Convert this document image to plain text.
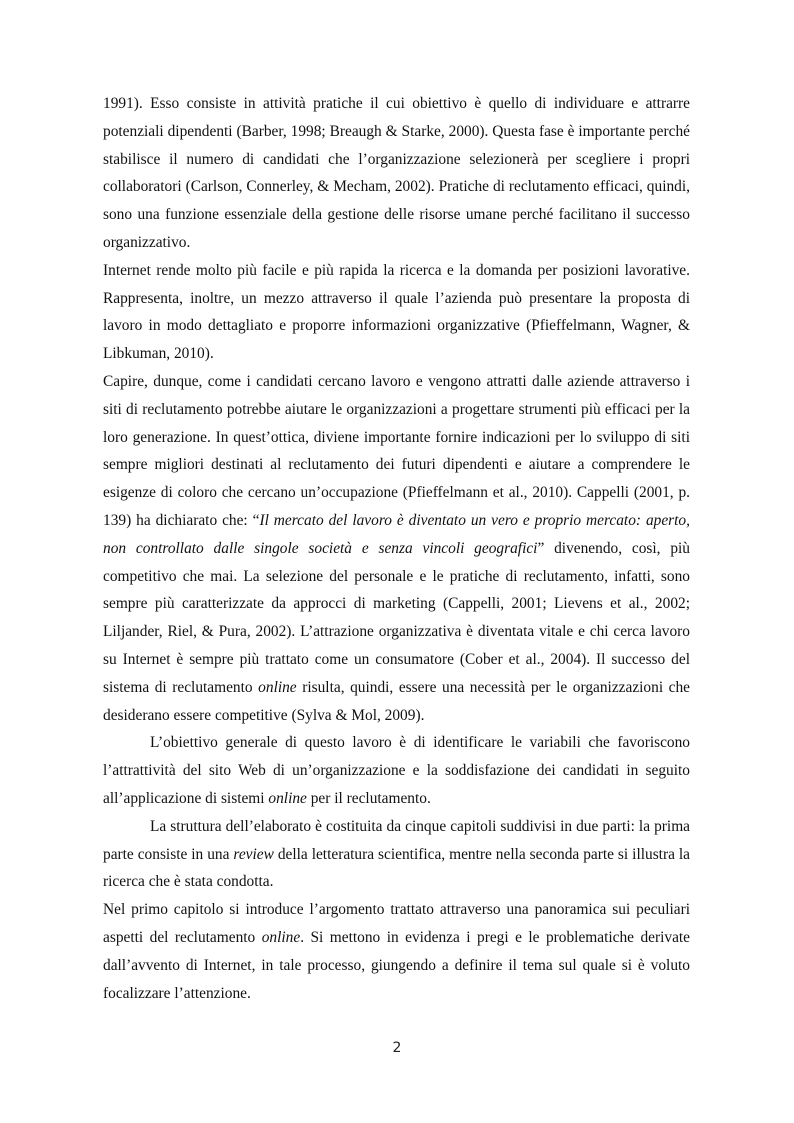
1991). Esso consiste in attività pratiche il cui obiettivo è quello di individuare e attrarre potenziali dipendenti (Barber, 1998; Breaugh & Starke, 2000). Questa fase è importante perché stabilisce il numero di candidati che l’organizzazione selezionerà per scegliere i propri collaboratori (Carlson, Connerley, & Mecham, 2002). Pratiche di reclutamento efficaci, quindi, sono una funzione essenziale della gestione delle risorse umane perché facilitano il successo organizzativo.

Internet rende molto più facile e più rapida la ricerca e la domanda per posizioni lavorative. Rappresenta, inoltre, un mezzo attraverso il quale l’azienda può presentare la proposta di lavoro in modo dettagliato e proporre informazioni organizzative (Pfieffelmann, Wagner, & Libkuman, 2010).

Capire, dunque, come i candidati cercano lavoro e vengono attratti dalle aziende attraverso i siti di reclutamento potrebbe aiutare le organizzazioni a progettare strumenti più efficaci per la loro generazione. In quest’ottica, diviene importante fornire indicazioni per lo sviluppo di siti sempre migliori destinati al reclutamento dei futuri dipendenti e aiutare a comprendere le esigenze di coloro che cercano un’occupazione (Pfieffelmann et al., 2010). Cappelli (2001, p. 139) ha dichiarato che: “Il mercato del lavoro è diventato un vero e proprio mercato: aperto, non controllato dalle singole società e senza vincoli geografici” divenendo, così, più competitivo che mai. La selezione del personale e le pratiche di reclutamento, infatti, sono sempre più caratterizzate da approcci di marketing (Cappelli, 2001; Lievens et al., 2002; Liljander, Riel, & Pura, 2002). L’attrazione organizzativa è diventata vitale e chi cerca lavoro su Internet è sempre più trattato come un consumatore (Cober et al., 2004). Il successo del sistema di reclutamento online risulta, quindi, essere una necessità per le organizzazioni che desiderano essere competitive (Sylva & Mol, 2009).

L’obiettivo generale di questo lavoro è di identificare le variabili che favoriscono l’attrattività del sito Web di un’organizzazione e la soddisfazione dei candidati in seguito all’applicazione di sistemi online per il reclutamento.

La struttura dell’elaborato è costituita da cinque capitoli suddivisi in due parti: la prima parte consiste in una review della letteratura scientifica, mentre nella seconda parte si illustra la ricerca che è stata condotta.

Nel primo capitolo si introduce l’argomento trattato attraverso una panoramica sui peculiari aspetti del reclutamento online. Si mettono in evidenza i pregi e le problematiche derivate dall’avvento di Internet, in tale processo, giungendo a definire il tema sul quale si è voluto focalizzare l’attenzione.

2
